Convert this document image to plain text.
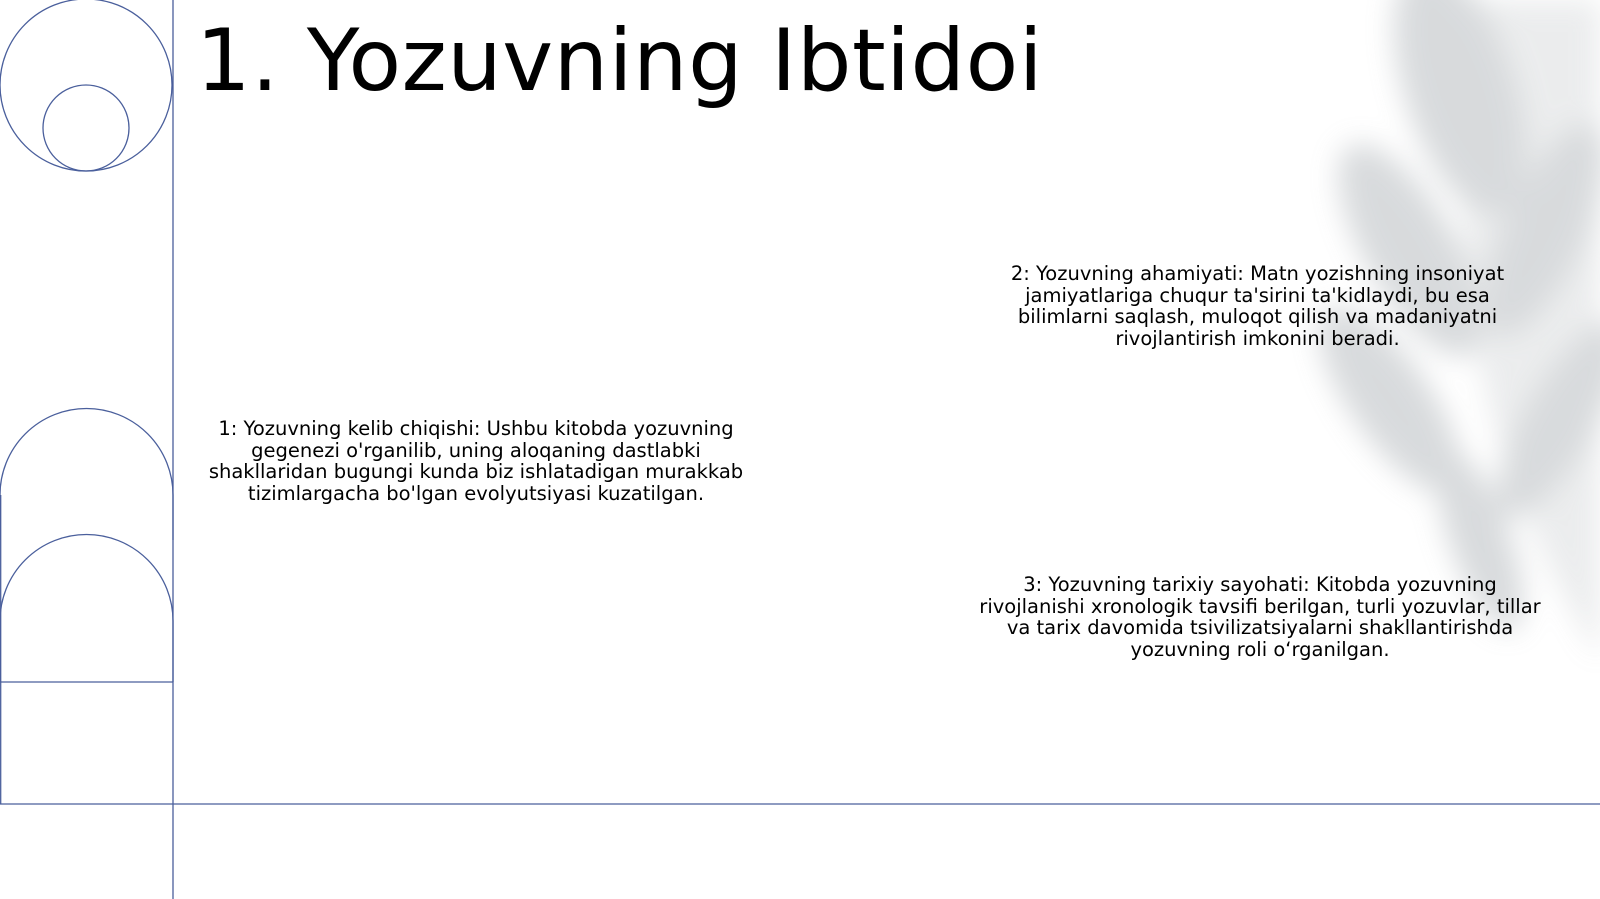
1. Yozuvning Ibtidoi

1: Yozuvning kelib chiqishi: Ushbu kitobda yozuvning gegenezi o'rganilib, uning aloqaning dastlabki shakllaridan bugungi kunda biz ishlatadigan murakkab tizimlargacha bo'lgan evolyutsiyasi kuzatilgan.

2: Yozuvning ahamiyati: Matn yozishning insoniyat jamiyatlariga chuqur ta'sirini ta'kidlaydi, bu esa bilimlarni saqlash, muloqot qilish va madaniyatni rivojlantirish imkonini beradi.

3: Yozuvning tarixiy sayohati: Kitobda yozuvning rivojlanishi xronologik tavsifi berilgan, turli yozuvlar, tillar va tarix davomida tsivilizatsiyalarni shakllantirishda yozuvning roli o‘rganilgan.
